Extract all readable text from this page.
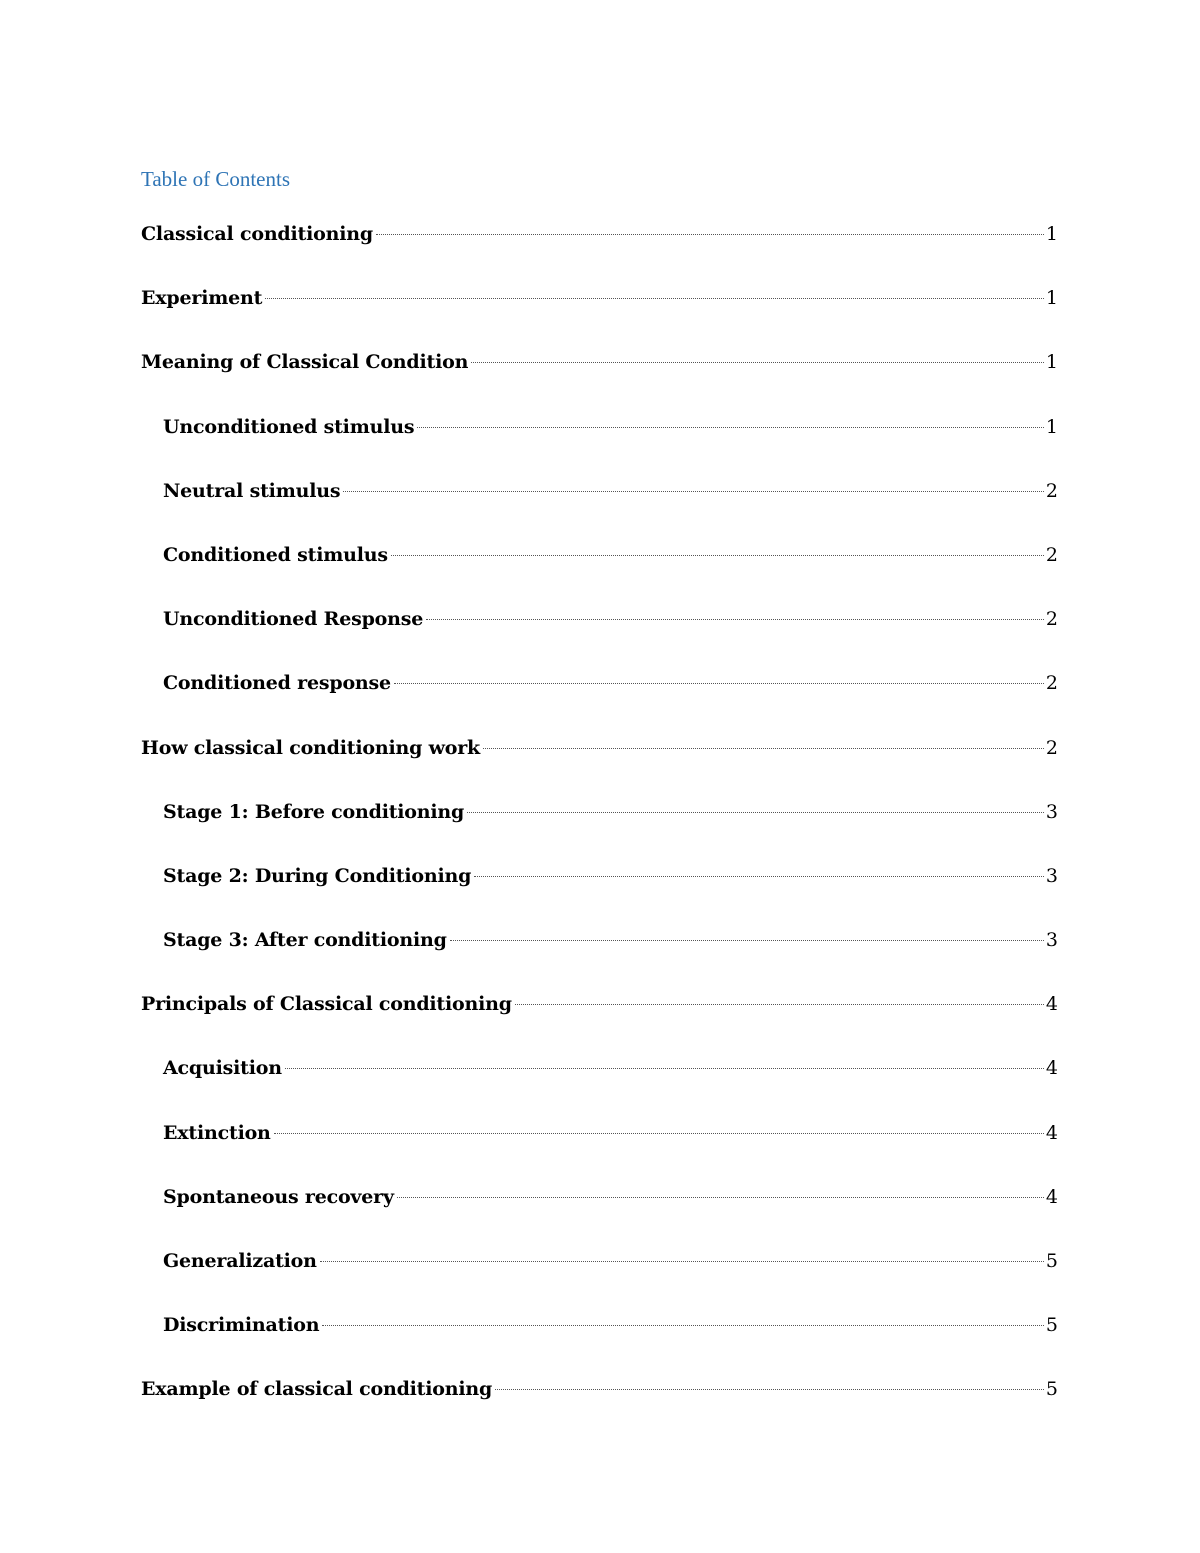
Table of Contents
Classical conditioning	1
Experiment	1
Meaning of Classical Condition	1
Unconditioned stimulus	1
Neutral stimulus	2
Conditioned stimulus	2
Unconditioned Response	2
Conditioned response	2
How classical conditioning work	2
Stage 1: Before conditioning	3
Stage 2: During Conditioning	3
Stage 3: After conditioning	3
Principals of Classical conditioning	4
Acquisition	4
Extinction	4
Spontaneous recovery	4
Generalization	5
Discrimination	5
Example of classical conditioning	5
